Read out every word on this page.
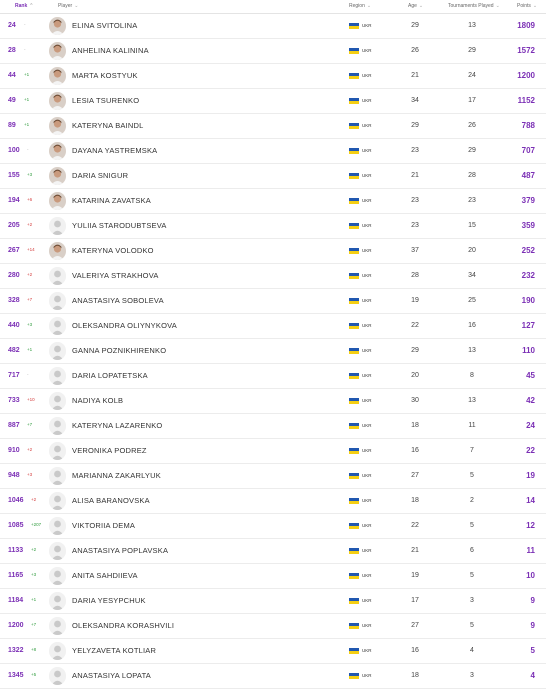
Rank ⌃	Player ⌄	Region ⌄	Age ⌄	Tournaments Played ⌄	Points ⌄
24 -	ELINA SVITOLINA	UKR	29	13	1809
28 -	ANHELINA KALININA	UKR	26	29	1572
44 +1	MARTA KOSTYUK	UKR	21	24	1200
49 +1	LESIA TSURENKO	UKR	34	17	1152
89 +1	KATERYNA BAINDL	UKR	29	26	788
100 -	DAYANA YASTREMSKA	UKR	23	29	707
155 +3	DARIA SNIGUR	UKR	21	28	487
194 +6	KATARINA ZAVATSKA	UKR	23	23	379
205 +2	YULIIA STARODUBTSEVA	UKR	23	15	359
267 +14	KATERYNA VOLODKO	UKR	37	20	252
280 +2	VALERIYA STRAKHOVA	UKR	28	34	232
328 +7	ANASTASIYA SOBOLEVA	UKR	19	25	190
440 +3	OLEKSANDRA OLIYNYKOVA	UKR	22	16	127
482 +1	GANNA POZNIKHIRENKO	UKR	29	13	110
717 -	DARIA LOPATETSKA	UKR	20	8	45
733 +10	NADIYA KOLB	UKR	30	13	42
887 +7	KATERYNA LAZARENKO	UKR	18	11	24
910 +2	VERONIKA PODREZ	UKR	16	7	22
948 +3	MARIANNA ZAKARLYUK	UKR	27	5	19
1046 +2	ALISA BARANOVSKA	UKR	18	2	14
1085 +207	VIKTORIIA DEMA	UKR	22	5	12
1133 +2	ANASTASIYA POPLAVSKA	UKR	21	6	11
1165 +3	ANITA SAHDIIEVA	UKR	19	5	10
1184 +1	DARIA YESYPCHUK	UKR	17	3	9
1200 +7	OLEKSANDRA KORASHVILI	UKR	27	5	9
1322 +8	YELYZAVETA KOTLIAR	UKR	16	4	5
1345 +5	ANASTASIYA LOPATA	UKR	18	3	4
